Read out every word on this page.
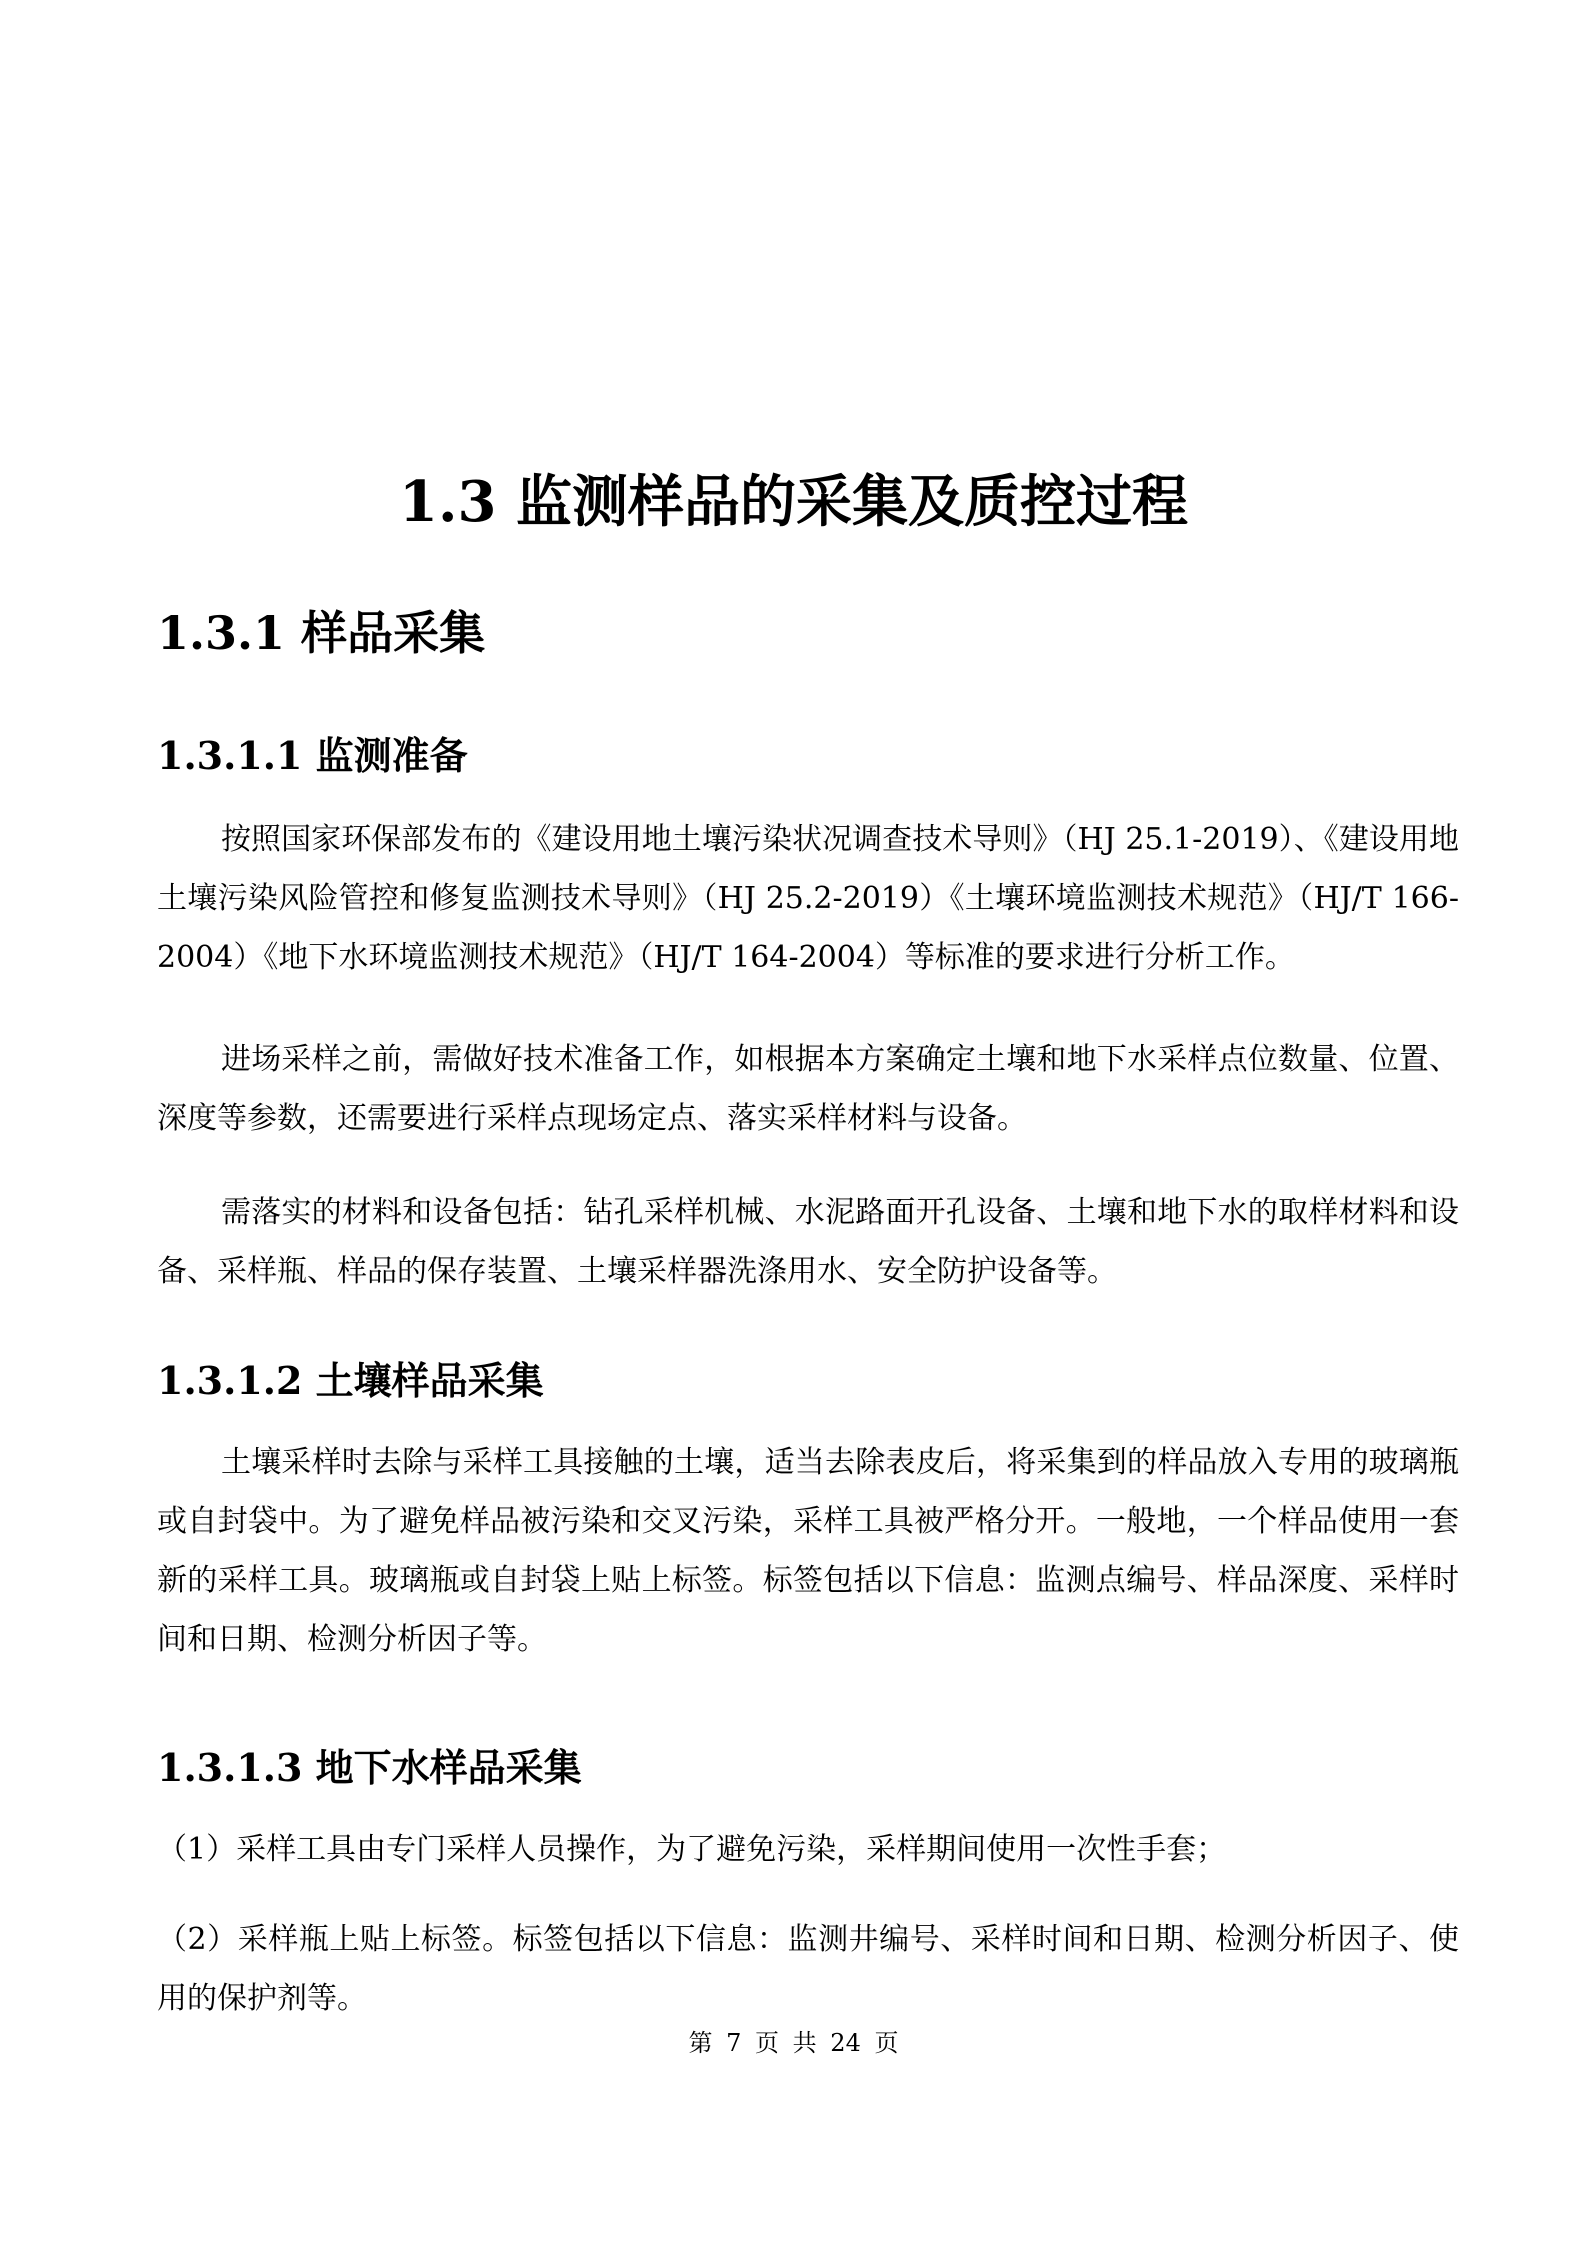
1.3 监测样品的采集及质控过程
1.3.1 样品采集
1.3.1.1 监测准备

按照国家环保部发布的《建设用地土壤污染状况调查技术导则》（HJ 25.1-2019）、《建设用地土壤污染风险管控和修复监测技术导则》（HJ 25.2-2019）《土壤环境监测技术规范》（HJ/T 166-2004）《地下水环境监测技术规范》（HJ/T 164-2004）等标准的要求进行分析工作。

进场采样之前，需做好技术准备工作，如根据本方案确定土壤和地下水采样点位数量、位置、深度等参数，还需要进行采样点现场定点、落实采样材料与设备。

需落实的材料和设备包括：钻孔采样机械、水泥路面开孔设备、土壤和地下水的取样材料和设备、采样瓶、样品的保存装置、土壤采样器洗涤用水、安全防护设备等。

1.3.1.2 土壤样品采集

土壤采样时去除与采样工具接触的土壤，适当去除表皮后，将采集到的样品放入专用的玻璃瓶或自封袋中。为了避免样品被污染和交叉污染，采样工具被严格分开。一般地，一个样品使用一套新的采样工具。玻璃瓶或自封袋上贴上标签。标签包括以下信息：监测点编号、样品深度、采样时间和日期、检测分析因子等。

1.3.1.3 地下水样品采集

（1）采样工具由专门采样人员操作，为了避免污染，采样期间使用一次性手套；

（2）采样瓶上贴上标签。标签包括以下信息：监测井编号、采样时间和日期、检测分析因子、使用的保护剂等。

第 7 页 共 24 页
